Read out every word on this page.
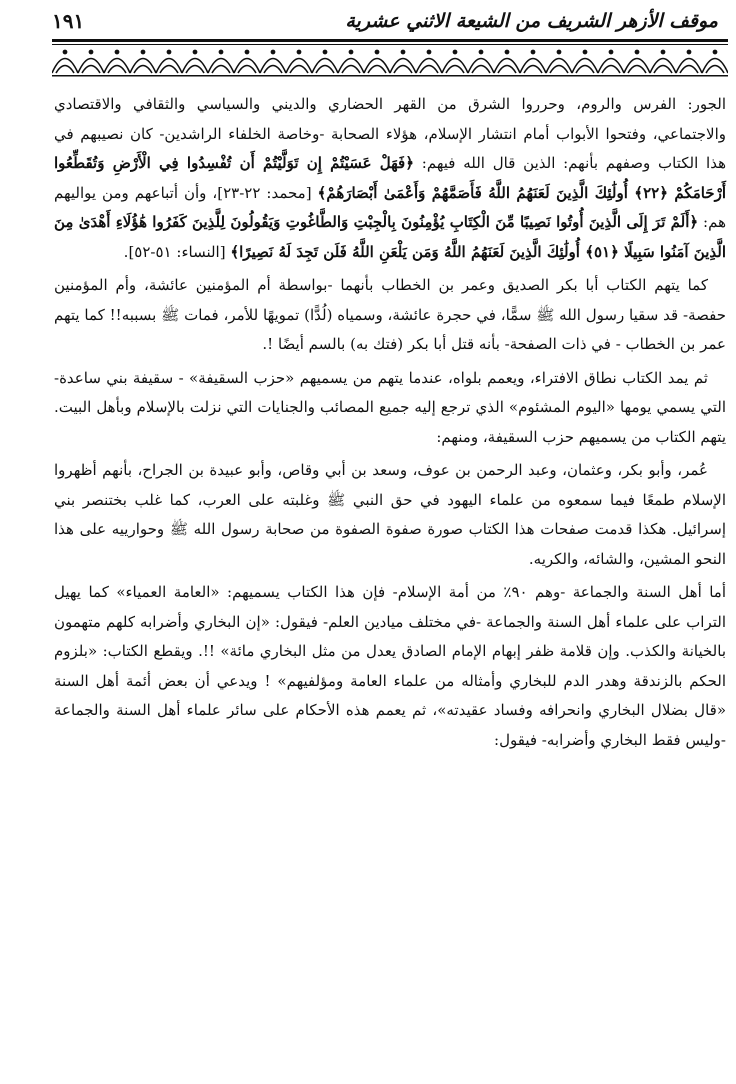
١٩١	موقف الأزهر الشريف من الشيعة الاثني عشرية

الجور: الفرس والروم، وحرروا الشرق من القهر الحضاري والديني والسياسي والثقافي والاقتصادي والاجتماعي، وفتحوا الأبواب أمام انتشار الإسلام، هؤلاء الصحابة -وخاصة الخلفاء الراشدين- كان نصيبهم في هذا الكتاب وصفهم بأنهم: الذين قال الله فيهم: ﴿فَهَلْ عَسَيْتُمْ إِن تَوَلَّيْتُمْ أَن تُفْسِدُوا فِي الْأَرْضِ وَتُقَطِّعُوا أَرْحَامَكُمْ ﴿٢٢﴾ أُولَٰئِكَ الَّذِينَ لَعَنَهُمُ اللَّهُ فَأَصَمَّهُمْ وَأَعْمَىٰ أَبْصَارَهُمْ﴾ [محمد: ٢٢-٢٣]، وأن أتباعهم ومن يواليهم هم: ﴿أَلَمْ تَرَ إِلَى الَّذِينَ أُوتُوا نَصِيبًا مِّنَ الْكِتَابِ يُؤْمِنُونَ بِالْجِبْتِ وَالطَّاغُوتِ وَيَقُولُونَ لِلَّذِينَ كَفَرُوا هَٰؤُلَاءِ أَهْدَىٰ مِنَ الَّذِينَ آمَنُوا سَبِيلًا ﴿٥١﴾ أُولَٰئِكَ الَّذِينَ لَعَنَهُمُ اللَّهُ وَمَن يَلْعَنِ اللَّهُ فَلَن تَجِدَ لَهُ نَصِيرًا﴾ [النساء: ٥١-٥٢].

كما يتهم الكتاب أبا بكر الصديق وعمر بن الخطاب بأنهما -بواسطة أم المؤمنين عائشة، وأم المؤمنين حفصة- قد سقيا رسول الله ﷺ سمًّا، في حجرة عائشة، وسمياه (لُدًّا) تمويهًا للأمر، فمات ﷺ بسببه!! كما يتهم عمر بن الخطاب - في ذات الصفحة- بأنه قتل أبا بكر (فتك به) بالسم أيضًا !.

ثم يمد الكتاب نطاق الافتراء، ويعمم بلواه، عندما يتهم من يسميهم «حزب السقيفة» - سقيفة بني ساعدة- التي يسمي يومها «اليوم المشئوم» الذي ترجع إليه جميع المصائب والجنايات التي نزلت بالإسلام وبأهل البيت. يتهم الكتاب من يسميهم حزب السقيفة، ومنهم:

عُمر، وأبو بكر، وعثمان، وعبد الرحمن بن عوف، وسعد بن أبي وقاص، وأبو عبيدة بن الجراح، بأنهم أظهروا الإسلام طمعًا فيما سمعوه من علماء اليهود في حق النبي ﷺ وغلبته على العرب، كما غلب بختنصر بني إسرائيل. هكذا قدمت صفحات هذا الكتاب صورة صفوة الصفوة من صحابة رسول الله ﷺ وحوارييه على هذا النحو المشين، والشائه، والكريه.

أما أهل السنة والجماعة -وهم ٩٠٪ من أمة الإسلام- فإن هذا الكتاب يسميهم: «العامة العمياء» كما يهيل التراب على علماء أهل السنة والجماعة -في مختلف ميادين العلم- فيقول: «إن البخاري وأضرابه كلهم متهمون بالخيانة والكذب. وإن قلامة ظفر إبهام الإمام الصادق يعدل من مثل البخاري مائة» !!. ويقطع الكتاب: «بلزوم الحكم بالزندقة وهدر الدم للبخاري وأمثاله من علماء العامة ومؤلفيهم» ! ويدعي أن بعض أئمة أهل السنة «قال بضلال البخاري وانحرافه وفساد عقيدته»، ثم يعمم هذه الأحكام على سائر علماء أهل السنة والجماعة -وليس فقط البخاري وأضرابه- فيقول:
